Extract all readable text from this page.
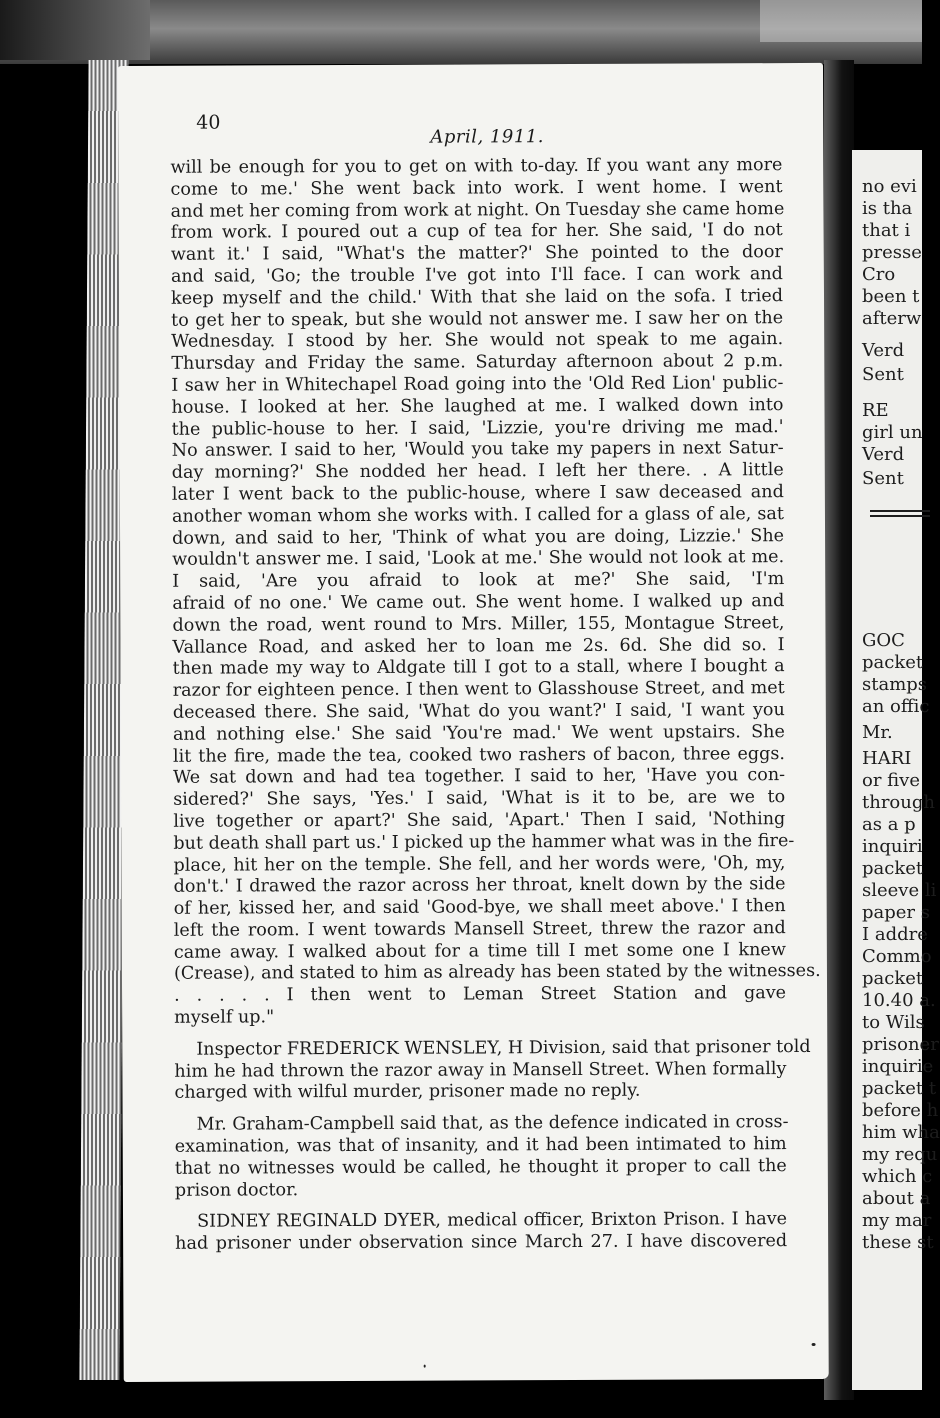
40
April, 1911.
will be enough for you to get on with to-day. If you want any more
come to me.' She went back into work. I went home. I went
and met her coming from work at night. On Tuesday she came home
from work. I poured out a cup of tea for her. She said, 'I do not
want it.' I said, "What's the matter?' She pointed to the door
and said, 'Go; the trouble I've got into I'll face. I can work and
keep myself and the child.' With that she laid on the sofa. I tried
to get her to speak, but she would not answer me. I saw her on the
Wednesday. I stood by her. She would not speak to me again.
Thursday and Friday the same. Saturday afternoon about 2 p.m.
I saw her in Whitechapel Road going into the 'Old Red Lion' public-
house. I looked at her. She laughed at me. I walked down into
the public-house to her. I said, 'Lizzie, you're driving me mad.'
No answer. I said to her, 'Would you take my papers in next Satur-
day morning?' She nodded her head. I left her there. . A little
later I went back to the public-house, where I saw deceased and
another woman whom she works with. I called for a glass of ale, sat
down, and said to her, 'Think of what you are doing, Lizzie.' She
wouldn't answer me. I said, 'Look at me.' She would not look at me.
I said, 'Are you afraid to look at me?' She said, 'I'm
afraid of no one.' We came out. She went home. I walked up and
down the road, went round to Mrs. Miller, 155, Montague Street,
Vallance Road, and asked her to loan me 2s. 6d. She did so. I
then made my way to Aldgate till I got to a stall, where I bought a
razor for eighteen pence. I then went to Glasshouse Street, and met
deceased there. She said, 'What do you want?' I said, 'I want you
and nothing else.' She said 'You're mad.' We went upstairs. She
lit the fire, made the tea, cooked two rashers of bacon, three eggs.
We sat down and had tea together. I said to her, 'Have you con-
sidered?' She says, 'Yes.' I said, 'What is it to be, are we to
live together or apart?' She said, 'Apart.' Then I said, 'Nothing
but death shall part us.' I picked up the hammer what was in the fire-
place, hit her on the temple. She fell, and her words were, 'Oh, my,
don't.' I drawed the razor across her throat, knelt down by the side
of her, kissed her, and said 'Good-bye, we shall meet above.' I then
left the room. I went towards Mansell Street, threw the razor and
came away. I walked about for a time till I met some one I knew
(Crease), and stated to him as already has been stated by the witnesses.
. . . . . I then went to Leman Street Station and gave
myself up."
Inspector FREDERICK WENSLEY, H Division, said that prisoner told
him he had thrown the razor away in Mansell Street. When formally
charged with wilful murder, prisoner made no reply.
Mr. Graham-Campbell said that, as the defence indicated in cross-
examination, was that of insanity, and it had been intimated to him
that no witnesses would be called, he thought it proper to call the
prison doctor.
SIDNEY REGINALD DYER, medical officer, Brixton Prison. I have
had prisoner under observation since March 27. I have discovered
no evi
is tha
that i
presse
Cro
been t
afterw
Verd
Sent
RE
girl un
Verd
Sent
GOC
packet
stamps
an offic
Mr.
HARI
or five
through
as a p
inquiri
packet
sleeve li
paper s
I addre
Commo
packet
10.40 a.
to Wils
prisoner
inquirie
packet t
before h
him wha
my requ
which c
about a
my mar
these st
